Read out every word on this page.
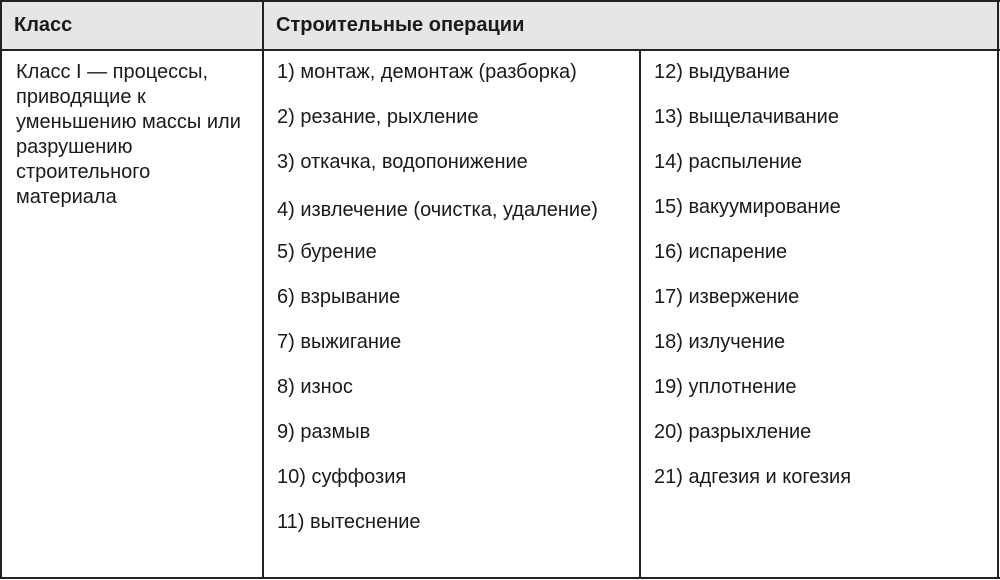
Класс	Строительные операции
Класс I — процессы, приводящие к уменьшению массы или разрушению строительного материала
1) монтаж, демонтаж (разборка)
2) резание, рыхление
3) откачка, водопонижение
4) извлечение (очистка, удаление)
5) бурение
6) взрывание
7) выжигание
8) износ
9) размыв
10) суффозия
11) вытеснение
12) выдувание
13) выщелачивание
14) распыление
15) вакуумирование
16) испарение
17) извержение
18) излучение
19) уплотнение
20) разрыхление
21) адгезия и когезия
